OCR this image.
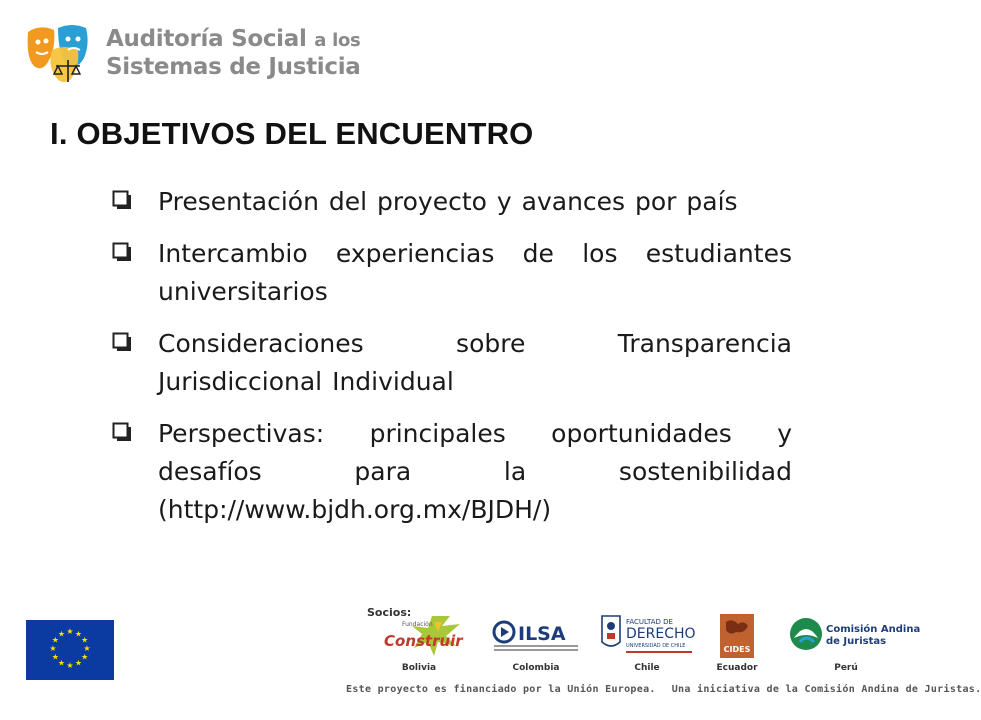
Auditoría Social a los
Sistemas de Justicia
I. OBJETIVOS DEL ENCUENTRO
Presentación del proyecto y avances por país
Intercambio experiencias de los estudiantes universitarios
Consideraciones sobre Transparencia Jurisdiccional Individual
Perspectivas: principales oportunidades y desafíos para la sostenibilidad (http://www.bjdh.org.mx/BJDH/)
★ ★
★
★
★
★
★
★
★
★
★
★
Socios:
Fundación
Construir
Bolivia
ILSA
Colombia
FACULTAD DE
DERECHO
UNIVERSIDAD DE CHILE
Chile
CIDES
Ecuador
Comisión Andina
de Juristas
Perú
Este proyecto es financiado por la Unión Europea. Una iniciativa de la Comisión Andina de Juristas.
